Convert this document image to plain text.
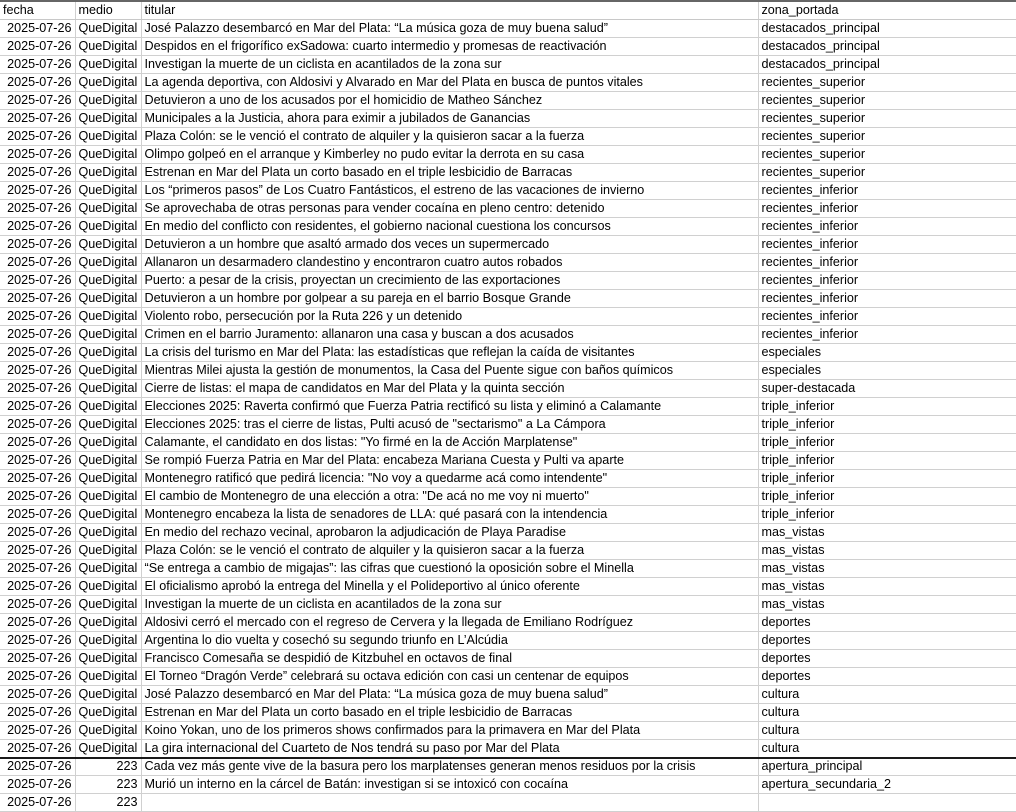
fecha	medio	titular	zona_portada
2025-07-26	QueDigital	José Palazzo desembarcó en Mar del Plata: “La música goza de muy buena salud”	destacados_principal
2025-07-26	QueDigital	Despidos en el frigorífico exSadowa: cuarto intermedio y promesas de reactivación	destacados_principal
2025-07-26	QueDigital	Investigan la muerte de un ciclista en acantilados de la zona sur	destacados_principal
2025-07-26	QueDigital	La agenda deportiva, con Aldosivi y Alvarado en Mar del Plata en busca de puntos vitales	recientes_superior
2025-07-26	QueDigital	Detuvieron a uno de los acusados por el homicidio de Matheo Sánchez	recientes_superior
2025-07-26	QueDigital	Municipales a la Justicia, ahora para eximir a jubilados de Ganancias	recientes_superior
2025-07-26	QueDigital	Plaza Colón: se le venció el contrato de alquiler y la quisieron sacar a la fuerza	recientes_superior
2025-07-26	QueDigital	Olimpo golpeó en el arranque y Kimberley no pudo evitar la derrota en su casa	recientes_superior
2025-07-26	QueDigital	Estrenan en Mar del Plata un corto basado en el triple lesbicidio de Barracas	recientes_superior
2025-07-26	QueDigital	Los “primeros pasos” de Los Cuatro Fantásticos, el estreno de las vacaciones de invierno	recientes_inferior
2025-07-26	QueDigital	Se aprovechaba de otras personas para vender cocaína en pleno centro: detenido	recientes_inferior
2025-07-26	QueDigital	En medio del conflicto con residentes, el gobierno nacional cuestiona los concursos	recientes_inferior
2025-07-26	QueDigital	Detuvieron a un hombre que asaltó armado dos veces un supermercado	recientes_inferior
2025-07-26	QueDigital	Allanaron un desarmadero clandestino y encontraron cuatro autos robados	recientes_inferior
2025-07-26	QueDigital	Puerto: a pesar de la crisis, proyectan un crecimiento de las exportaciones	recientes_inferior
2025-07-26	QueDigital	Detuvieron a un hombre por golpear a su pareja en el barrio Bosque Grande	recientes_inferior
2025-07-26	QueDigital	Violento robo, persecución por la Ruta 226 y un detenido	recientes_inferior
2025-07-26	QueDigital	Crimen en el barrio Juramento: allanaron una casa y buscan a dos acusados	recientes_inferior
2025-07-26	QueDigital	La crisis del turismo en Mar del Plata: las estadísticas que reflejan la caída de visitantes	especiales
2025-07-26	QueDigital	Mientras Milei ajusta la gestión de monumentos, la Casa del Puente sigue con baños químicos	especiales
2025-07-26	QueDigital	Cierre de listas: el mapa de candidatos en Mar del Plata y la quinta sección	super-destacada
2025-07-26	QueDigital	Elecciones 2025: Raverta confirmó que Fuerza Patria rectificó su lista y eliminó a Calamante	triple_inferior
2025-07-26	QueDigital	Elecciones 2025: tras el cierre de listas, Pulti acusó de "sectarismo" a La Cámpora	triple_inferior
2025-07-26	QueDigital	Calamante, el candidato en dos listas: "Yo firmé en la de Acción Marplatense"	triple_inferior
2025-07-26	QueDigital	Se rompió Fuerza Patria en Mar del Plata: encabeza Mariana Cuesta y Pulti va aparte	triple_inferior
2025-07-26	QueDigital	Montenegro ratificó que pedirá licencia: "No voy a quedarme acá como intendente"	triple_inferior
2025-07-26	QueDigital	El cambio de Montenegro de una elección a otra: "De acá no me voy ni muerto"	triple_inferior
2025-07-26	QueDigital	Montenegro encabeza la lista de senadores de LLA: qué pasará con la intendencia	triple_inferior
2025-07-26	QueDigital	En medio del rechazo vecinal, aprobaron la adjudicación de Playa Paradise	mas_vistas
2025-07-26	QueDigital	Plaza Colón: se le venció el contrato de alquiler y la quisieron sacar a la fuerza	mas_vistas
2025-07-26	QueDigital	“Se entrega a cambio de migajas”: las cifras que cuestionó la oposición sobre el Minella	mas_vistas
2025-07-26	QueDigital	El oficialismo aprobó la entrega del Minella y el Polideportivo al único oferente	mas_vistas
2025-07-26	QueDigital	Investigan la muerte de un ciclista en acantilados de la zona sur	mas_vistas
2025-07-26	QueDigital	Aldosivi cerró el mercado con el regreso de Cervera y la llegada de Emiliano Rodríguez	deportes
2025-07-26	QueDigital	Argentina lo dio vuelta y cosechó su segundo triunfo en L’Alcúdia	deportes
2025-07-26	QueDigital	Francisco Comesaña se despidió de Kitzbuhel en octavos de final	deportes
2025-07-26	QueDigital	El Torneo “Dragón Verde” celebrará su octava edición con casi un centenar de equipos	deportes
2025-07-26	QueDigital	José Palazzo desembarcó en Mar del Plata: “La música goza de muy buena salud”	cultura
2025-07-26	QueDigital	Estrenan en Mar del Plata un corto basado en el triple lesbicidio de Barracas	cultura
2025-07-26	QueDigital	Koino Yokan, uno de los primeros shows confirmados para la primavera en Mar del Plata	cultura
2025-07-26	QueDigital	La gira internacional del Cuarteto de Nos tendrá su paso por Mar del Plata	cultura
2025-07-26	223	Cada vez más gente vive de la basura pero los marplatenses generan menos residuos por la crisis	apertura_principal
2025-07-26	223	Murió un interno en la cárcel de Batán: investigan si se intoxicó con cocaína	apertura_secundaria_2
2025-07-26	223		
